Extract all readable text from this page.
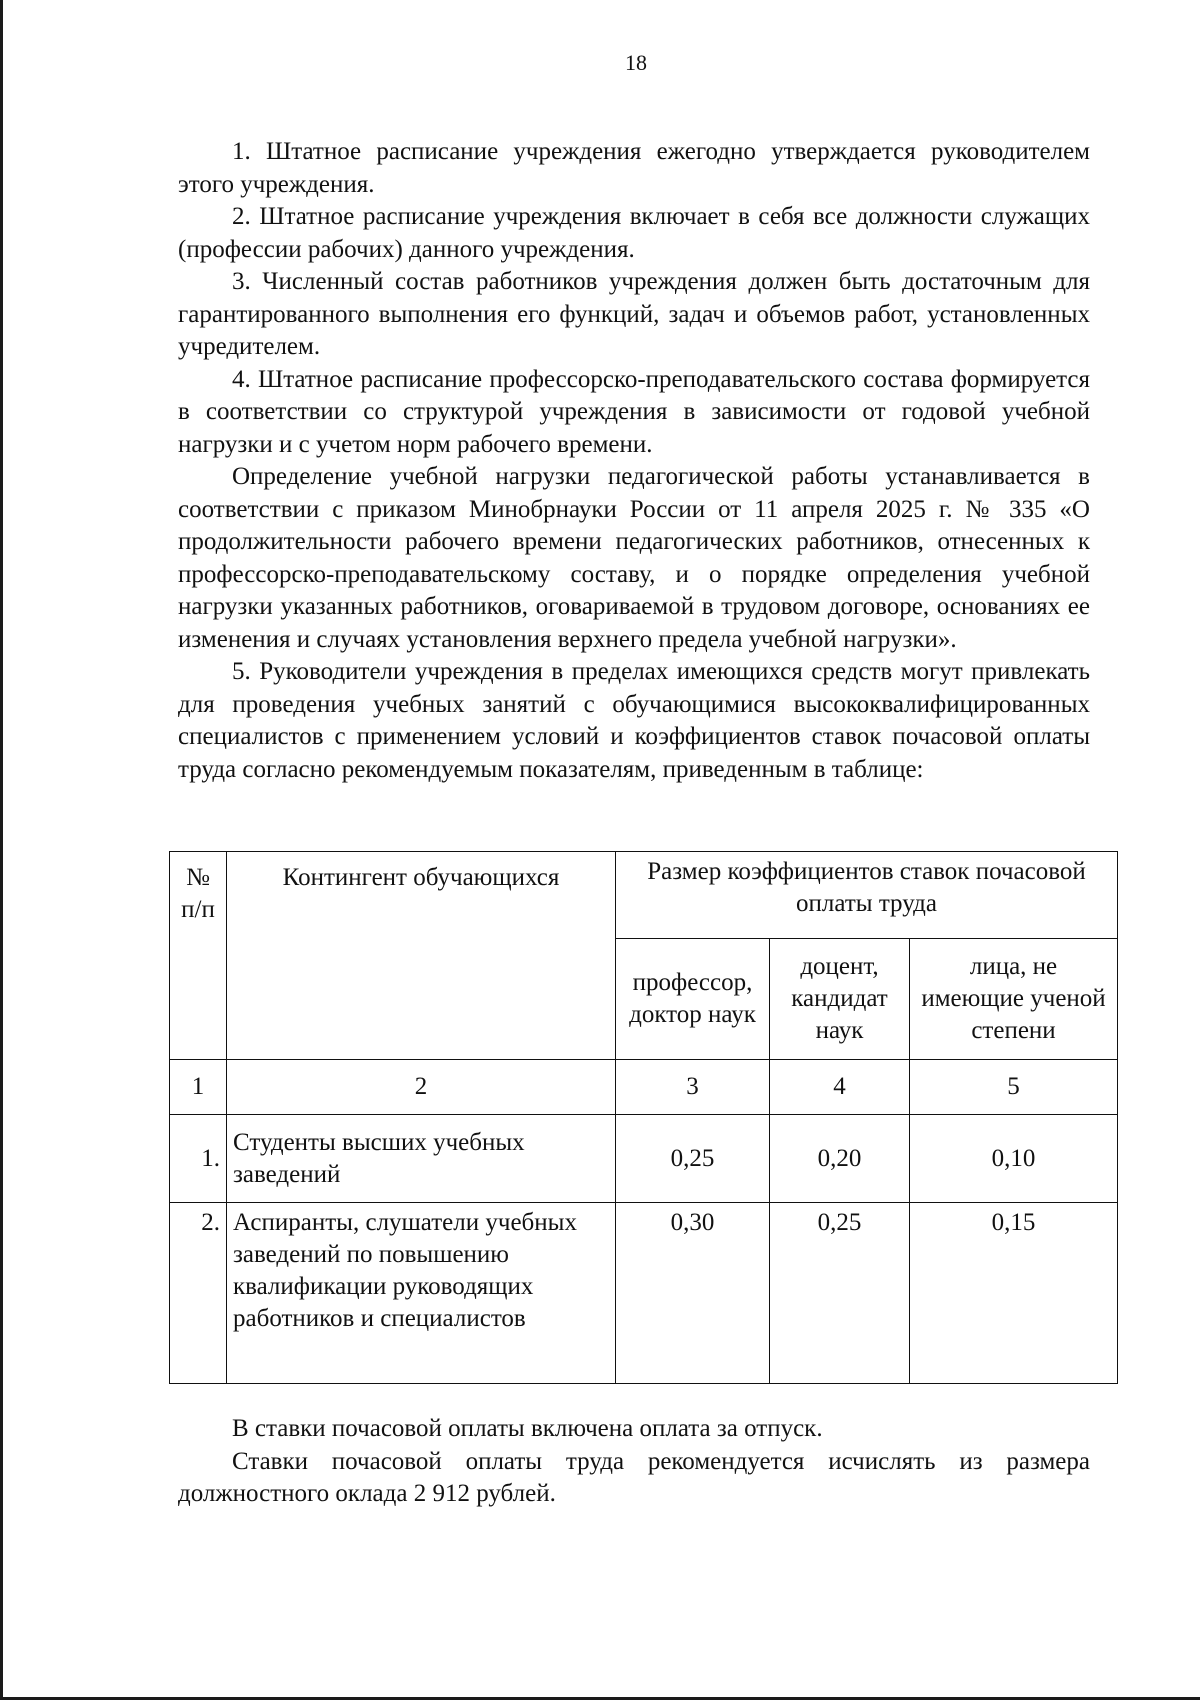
18

1. Штатное расписание учреждения ежегодно утверждается руководителем этого учреждения.

2. Штатное расписание учреждения включает в себя все должности служащих (профессии рабочих) данного учреждения.

3. Численный состав работников учреждения должен быть достаточным для гарантированного выполнения его функций, задач и объемов работ, установленных учредителем.

4. Штатное расписание профессорско-преподавательского состава формируется в соответствии со структурой учреждения в зависимости от годовой учебной нагрузки и с учетом норм рабочего времени.

Определение учебной нагрузки педагогической работы устанавливается в соответствии с приказом Минобрнауки России от 11 апреля 2025 г. № 335 «О продолжительности рабочего времени педагогических работников, отнесенных к профессорско-преподавательскому составу, и о порядке определения учебной нагрузки указанных работников, оговариваемой в трудовом договоре, основаниях ее изменения и случаях установления верхнего предела учебной нагрузки».

5. Руководители учреждения в пределах имеющихся средств могут привлекать для проведения учебных занятий с обучающимися высококвалифицированных специалистов с применением условий и коэффициентов ставок почасовой оплаты труда согласно рекомендуемым показателям, приведенным в таблице:

№ п/п	Контингент обучающихся	Размер коэффициентов ставок почасовой оплаты труда		
		профессор, доктор наук	доцент, кандидат наук	лица, не имеющие ученой степени
1	2	3	4	5
1.	Студенты высших учебных заведений	0,25	0,20	0,10
2.	Аспиранты, слушатели учебных заведений по повышению квалификации руководящих работников и специалистов	0,30	0,25	0,15

В ставки почасовой оплаты включена оплата за отпуск.

Ставки почасовой оплаты труда рекомендуется исчислять из размера должностного оклада 2 912 рублей.
